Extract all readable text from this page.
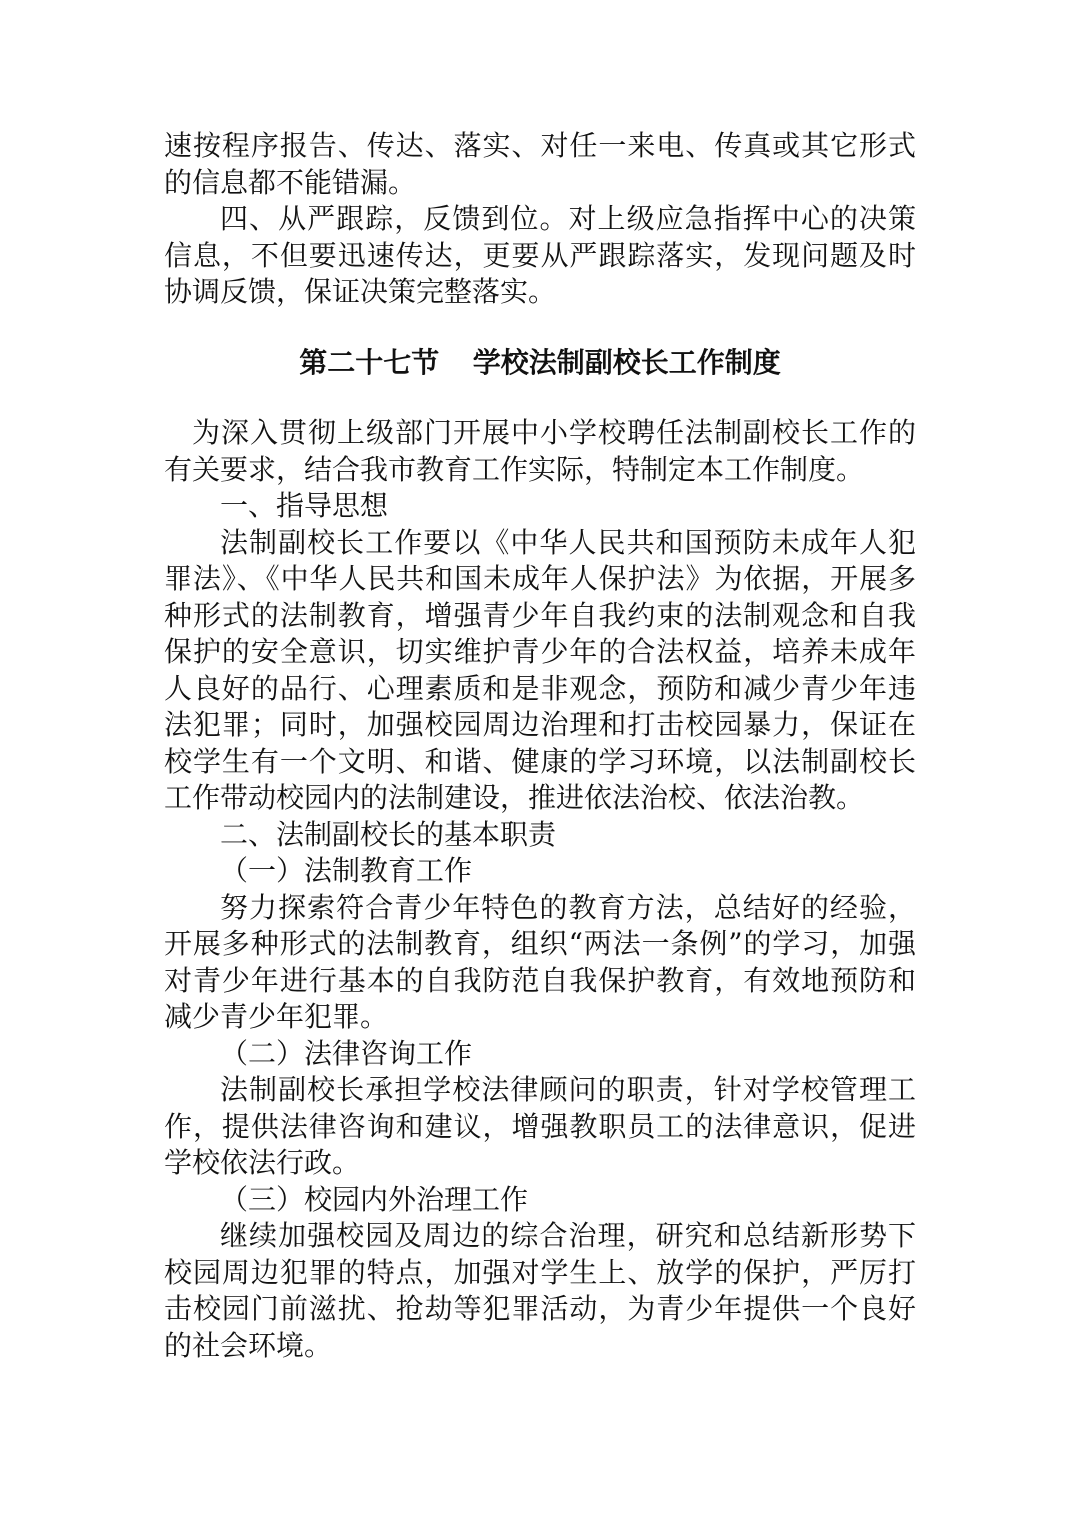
速按程序报告、传达、落实、对任一来电、传真或其它形式的信息都不能错漏。

四、从严跟踪，反馈到位。对上级应急指挥中心的决策信息，不但要迅速传达，更要从严跟踪落实，发现问题及时协调反馈，保证决策完整落实。

第二十七节 学校法制副校长工作制度

为深入贯彻上级部门开展中小学校聘任法制副校长工作的有关要求，结合我市教育工作实际，特制定本工作制度。

一、指导思想

法制副校长工作要以《中华人民共和国预防未成年人犯罪法》、《中华人民共和国未成年人保护法》为依据，开展多种形式的法制教育，增强青少年自我约束的法制观念和自我保护的安全意识，切实维护青少年的合法权益，培养未成年人良好的品行、心理素质和是非观念，预防和减少青少年违法犯罪；同时，加强校园周边治理和打击校园暴力，保证在校学生有一个文明、和谐、健康的学习环境，以法制副校长工作带动校园内的法制建设，推进依法治校、依法治教。

二、法制副校长的基本职责

（一）法制教育工作

努力探索符合青少年特色的教育方法，总结好的经验，开展多种形式的法制教育，组织“两法一条例”的学习，加强对青少年进行基本的自我防范自我保护教育，有效地预防和减少青少年犯罪。

（二）法律咨询工作

法制副校长承担学校法律顾问的职责，针对学校管理工作，提供法律咨询和建议，增强教职员工的法律意识，促进学校依法行政。

（三）校园内外治理工作

继续加强校园及周边的综合治理，研究和总结新形势下校园周边犯罪的特点，加强对学生上、放学的保护，严厉打击校园门前滋扰、抢劫等犯罪活动，为青少年提供一个良好的社会环境。
